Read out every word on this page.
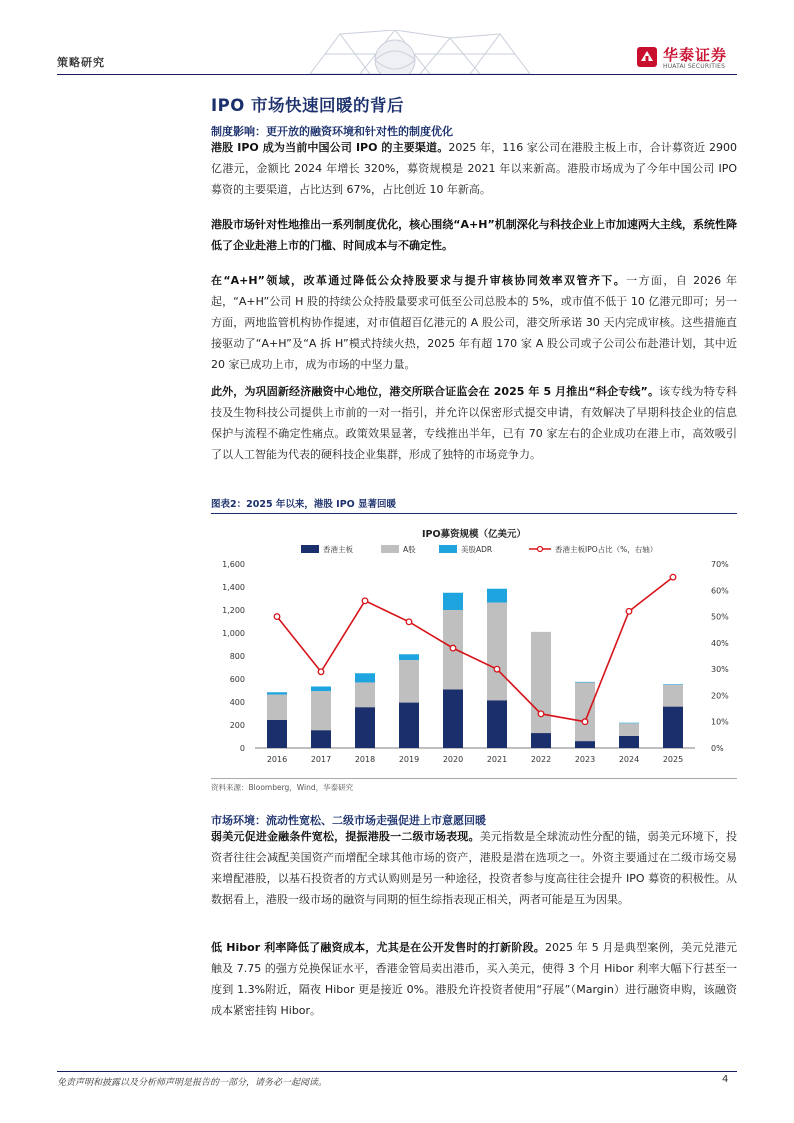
策略研究	华泰证券
HUATAI SECURITIES
IPO 市场快速回暖的背后
制度影响：更开放的融资环境和针对性的制度优化
港股 IPO 成为当前中国公司 IPO 的主要渠道。2025 年，116 家公司在港股主板上市，合计募资近 2900 亿港元，金额比 2024 年增长 320%，募资规模是 2021 年以来新高。港股市场成为了今年中国公司 IPO 募资的主要渠道，占比达到 67%，占比创近 10 年新高。
港股市场针对性地推出一系列制度优化，核心围绕“A+H”机制深化与科技企业上市加速两大主线，系统性降低了企业赴港上市的门槛、时间成本与不确定性。
在“A+H”领域，改革通过降低公众持股要求与提升审核协同效率双管齐下。一方面，自 2026 年起，“A+H”公司 H 股的持续公众持股量要求可低至公司总股本的 5%，或市值不低于 10 亿港元即可；另一方面，两地监管机构协作提速，对市值超百亿港元的 A 股公司，港交所承诺 30 天内完成审核。这些措施直接驱动了“A+H”及“A 拆 H”模式持续火热，2025 年有超 170 家 A 股公司或子公司公布赴港计划，其中近 20 家已成功上市，成为市场的中坚力量。
此外，为巩固新经济融资中心地位，港交所联合证监会在 2025 年 5 月推出“科企专线”。该专线为特专科技及生物科技公司提供上市前的一对一指引，并允许以保密形式提交申请，有效解决了早期科技企业的信息保护与流程不确定性痛点。政策效果显著，专线推出半年，已有 70 家左右的企业成功在港上市，高效吸引了以人工智能为代表的硬科技企业集群，形成了独特的市场竞争力。
图表2：2025 年以来，港股 IPO 显著回暖
IPO募资规模（亿美元）
香港主板	A股	美股ADR	香港主板IPO占比（%，右轴）
0
200
400
600
800
1,000
1,200
1,400
1,600
0%
10%
20%
30%
40%
50%
60%
70%
2016	2017	2018	2019	2020	2021	2022	2023	2024	2025
资料来源：Bloomberg，Wind，华泰研究
市场环境：流动性宽松、二级市场走强促进上市意愿回暖
弱美元促进金融条件宽松，提振港股一二级市场表现。美元指数是全球流动性分配的锚，弱美元环境下，投资者往往会减配美国资产而增配全球其他市场的资产，港股是潜在选项之一。外资主要通过在二级市场交易来增配港股，以基石投资者的方式认购则是另一种途径，投资者参与度高往往会提升 IPO 募资的积极性。从数据看上，港股一级市场的融资与同期的恒生综指表现正相关，两者可能是互为因果。
低 Hibor 利率降低了融资成本，尤其是在公开发售时的打新阶段。2025 年 5 月是典型案例，美元兑港元触及 7.75 的强方兑换保证水平，香港金管局卖出港币，买入美元，使得 3 个月 Hibor 利率大幅下行甚至一度到 1.3%附近，隔夜 Hibor 更是接近 0%。港股允许投资者使用“孖展”（Margin）进行融资申购，该融资成本紧密挂钩 Hibor。
免责声明和披露以及分析师声明是报告的一部分，请务必一起阅读。	4
